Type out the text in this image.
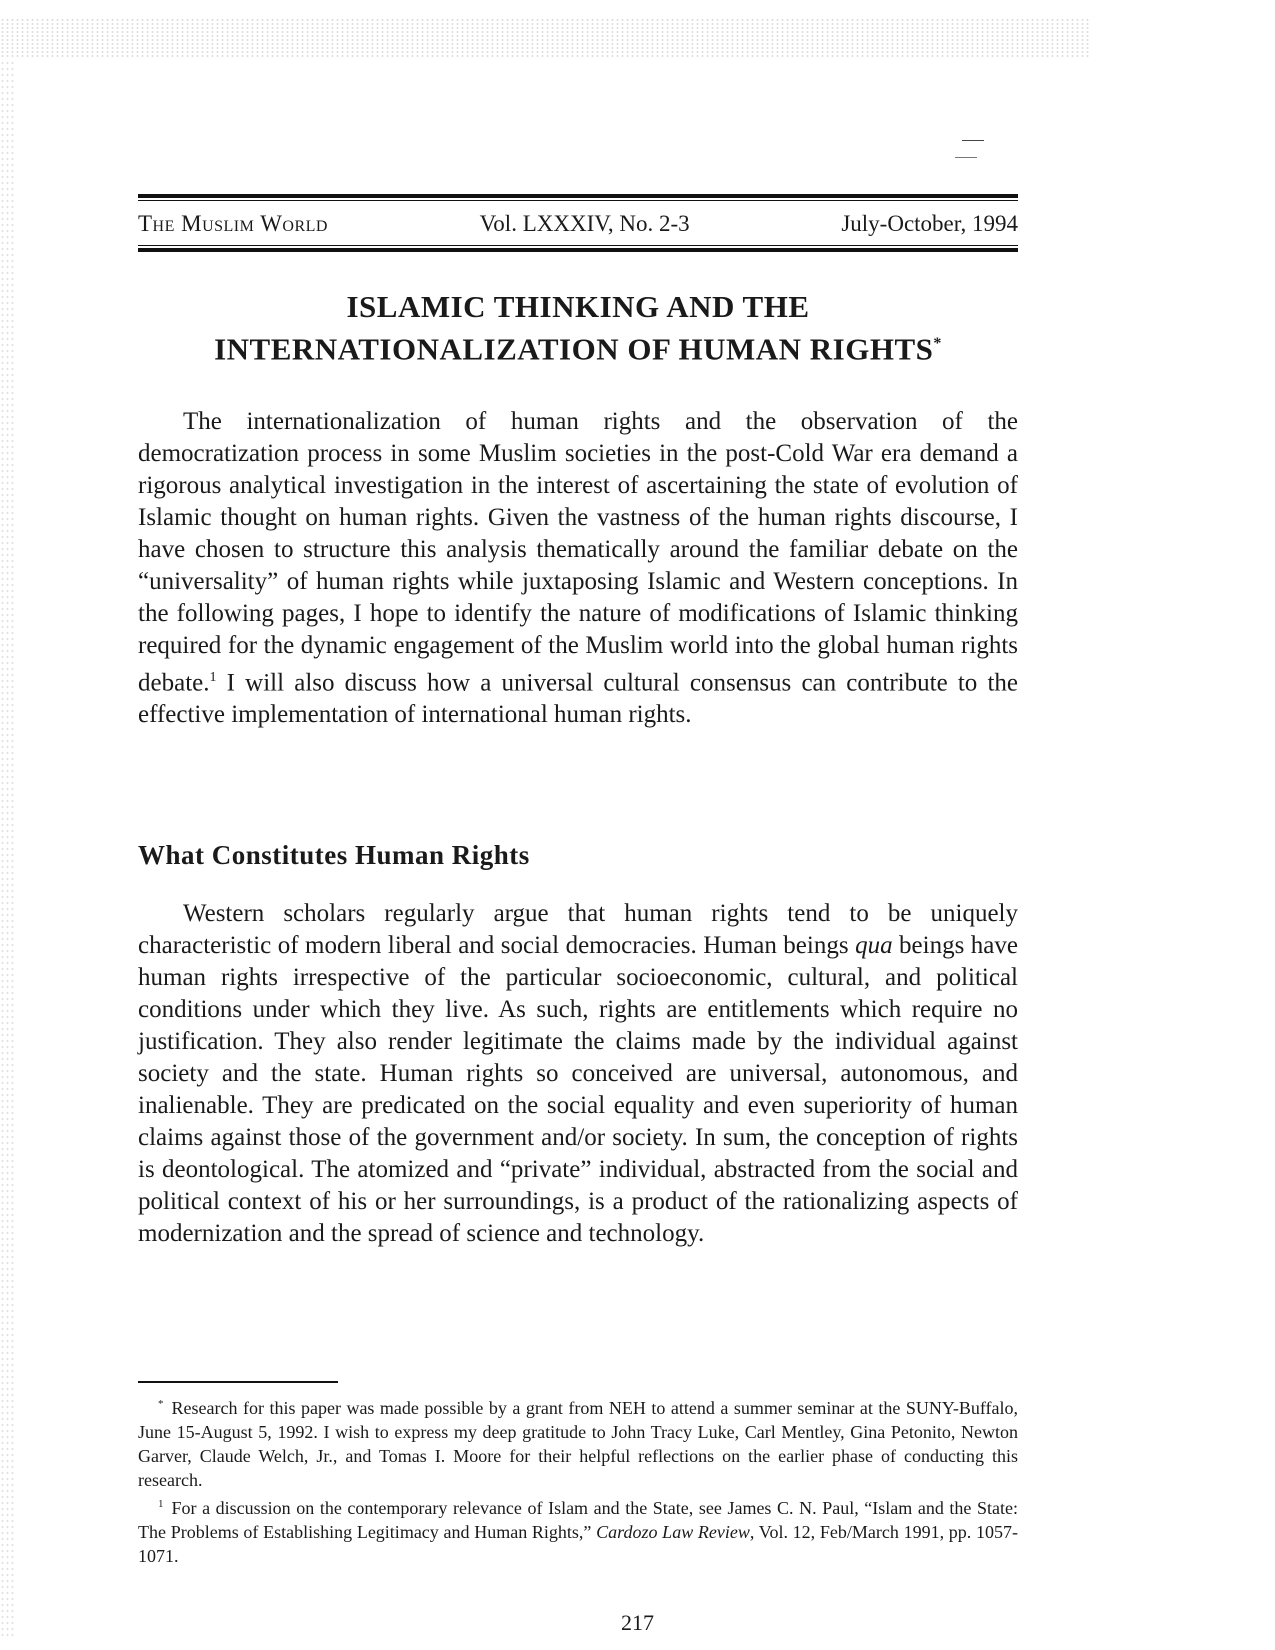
The Muslim World	Vol. LXXXIV, No. 2-3	July-October, 1994
ISLAMIC THINKING AND THE
INTERNATIONALIZATION OF HUMAN RIGHTS*

The internationalization of human rights and the observation of the democratization process in some Muslim societies in the post-Cold War era demand a rigorous analytical investigation in the interest of ascertaining the state of evolution of Islamic thought on human rights. Given the vastness of the human rights discourse, I have chosen to structure this analysis thematically around the familiar debate on the “universality” of human rights while juxtaposing Islamic and Western conceptions. In the following pages, I hope to identify the nature of modifications of Islamic thinking required for the dynamic engagement of the Muslim world into the global human rights debate.$^1$ I will also discuss how a universal cultural consensus can contribute to the effective implementation of international human rights.

What Constitutes Human Rights

Western scholars regularly argue that human rights tend to be uniquely characteristic of modern liberal and social democracies. Human beings qua beings have human rights irrespective of the particular socioeconomic, cultural, and political conditions under which they live. As such, rights are entitlements which require no justification. They also render legitimate the claims made by the individual against society and the state. Human rights so conceived are universal, autonomous, and inalienable. They are predicated on the social equality and even superiority of human claims against those of the government and/or society. In sum, the conception of rights is deontological. The atomized and “private” individual, abstracted from the social and political context of his or her surroundings, is a product of the rationalizing aspects of modernization and the spread of science and technology.

* Research for this paper was made possible by a grant from NEH to attend a summer seminar at the SUNY-Buffalo, June 15-August 5, 1992. I wish to express my deep gratitude to John Tracy Luke, Carl Mentley, Gina Petonito, Newton Garver, Claude Welch, Jr., and Tomas I. Moore for their helpful reflections on the earlier phase of conducting this research.

$^1$ For a discussion on the contemporary relevance of Islam and the State, see James C. N. Paul, “Islam and the State: The Problems of Establishing Legitimacy and Human Rights,” Cardozo Law Review, Vol. 12, Feb/March 1991, pp. 1057-1071.

217
